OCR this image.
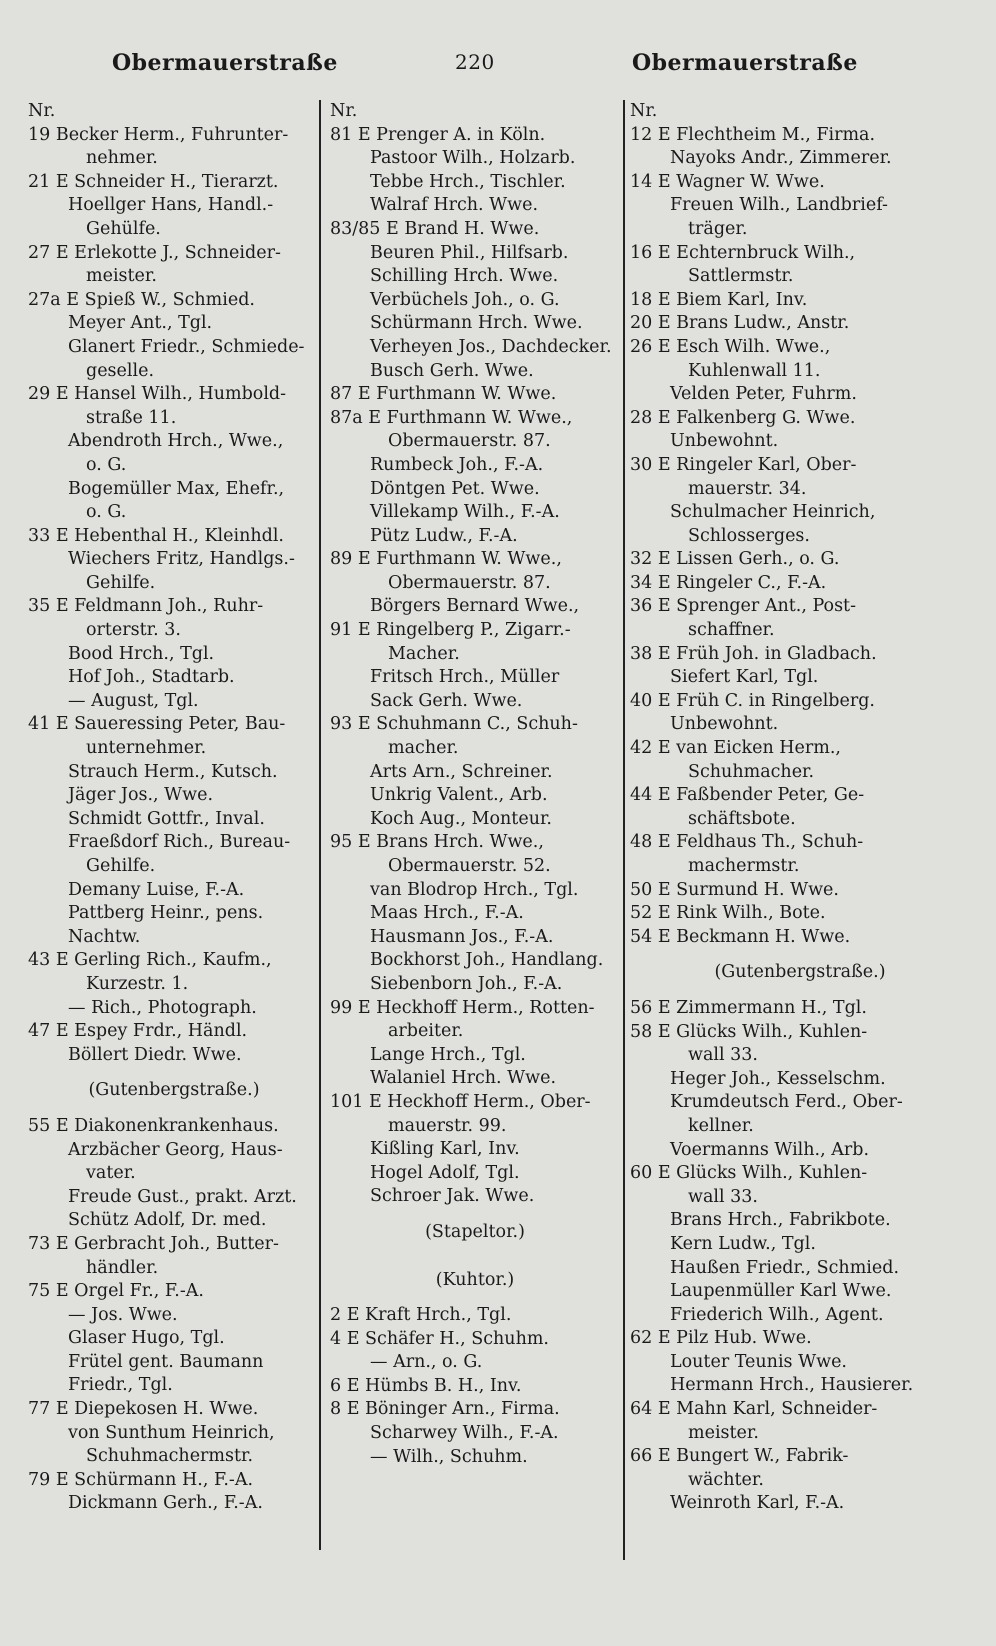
Obermauerstraße	220	Obermauerstraße
Nr.
19 Becker Herm., Fuhrunter-
nehmer.
21 E Schneider H., Tierarzt.
Hoellger Hans, Handl.-
Gehülfe.
27 E Erlekotte J., Schneider-
meister.
27a E Spieß W., Schmied.
Meyer Ant., Tgl.
Glanert Friedr., Schmiede-
geselle.
29 E Hansel Wilh., Humbold-
straße 11.
Abendroth Hrch., Wwe.,
o. G.
Bogemüller Max, Ehefr.,
o. G.
33 E Hebenthal H., Kleinhdl.
Wiechers Fritz, Handlgs.-
Gehilfe.
35 E Feldmann Joh., Ruhr-
orterstr. 3.
Bood Hrch., Tgl.
Hof Joh., Stadtarb.
— August, Tgl.
41 E Saueressing Peter, Bau-
unternehmer.
Strauch Herm., Kutsch.
Jäger Jos., Wwe.
Schmidt Gottfr., Inval.
Fraeßdorf Rich., Bureau-
Gehilfe.
Demany Luise, F.-A.
Pattberg Heinr., pens.
Nachtw.
43 E Gerling Rich., Kaufm.,
Kurzestr. 1.
— Rich., Photograph.
47 E Espey Frdr., Händl.
Böllert Diedr. Wwe.
(Gutenbergstraße.)
55 E Diakonenkrankenhaus.
Arzbächer Georg, Haus-
vater.
Freude Gust., prakt. Arzt.
Schütz Adolf, Dr. med.
73 E Gerbracht Joh., Butter-
händler.
75 E Orgel Fr., F.-A.
— Jos. Wwe.
Glaser Hugo, Tgl.
Frütel gent. Baumann
Friedr., Tgl.
77 E Diepekosen H. Wwe.
von Sunthum Heinrich,
Schuhmachermstr.
79 E Schürmann H., F.-A.
Dickmann Gerh., F.-A.
Nr.
81 E Prenger A. in Köln.
Pastoor Wilh., Holzarb.
Tebbe Hrch., Tischler.
Walraf Hrch. Wwe.
83/85 E Brand H. Wwe.
Beuren Phil., Hilfsarb.
Schilling Hrch. Wwe.
Verbüchels Joh., o. G.
Schürmann Hrch. Wwe.
Verheyen Jos., Dachdecker.
Busch Gerh. Wwe.
87 E Furthmann W. Wwe.
87a E Furthmann W. Wwe.,
Obermauerstr. 87.
Rumbeck Joh., F.-A.
Döntgen Pet. Wwe.
Villekamp Wilh., F.-A.
Pütz Ludw., F.-A.
89 E Furthmann W. Wwe.,
Obermauerstr. 87.
Börgers Bernard Wwe.,
91 E Ringelberg P., Zigarr.-
Macher.
Fritsch Hrch., Müller
Sack Gerh. Wwe.
93 E Schuhmann C., Schuh-
macher.
Arts Arn., Schreiner.
Unkrig Valent., Arb.
Koch Aug., Monteur.
95 E Brans Hrch. Wwe.,
Obermauerstr. 52.
van Blodrop Hrch., Tgl.
Maas Hrch., F.-A.
Hausmann Jos., F.-A.
Bockhorst Joh., Handlang.
Siebenborn Joh., F.-A.
99 E Heckhoff Herm., Rotten-
arbeiter.
Lange Hrch., Tgl.
Walaniel Hrch. Wwe.
101 E Heckhoff Herm., Ober-
mauerstr. 99.
Kißling Karl, Inv.
Hogel Adolf, Tgl.
Schroer Jak. Wwe.
(Stapeltor.)
(Kuhtor.)
2 E Kraft Hrch., Tgl.
4 E Schäfer H., Schuhm.
— Arn., o. G.
6 E Hümbs B. H., Inv.
8 E Böninger Arn., Firma.
Scharwey Wilh., F.-A.
— Wilh., Schuhm.
Nr.
12 E Flechtheim M., Firma.
Nayoks Andr., Zimmerer.
14 E Wagner W. Wwe.
Freuen Wilh., Landbrief-
träger.
16 E Echternbruck Wilh.,
Sattlermstr.
18 E Biem Karl, Inv.
20 E Brans Ludw., Anstr.
26 E Esch Wilh. Wwe.,
Kuhlenwall 11.
Velden Peter, Fuhrm.
28 E Falkenberg G. Wwe.
Unbewohnt.
30 E Ringeler Karl, Ober-
mauerstr. 34.
Schulmacher Heinrich,
Schlosserges.
32 E Lissen Gerh., o. G.
34 E Ringeler C., F.-A.
36 E Sprenger Ant., Post-
schaffner.
38 E Früh Joh. in Gladbach.
Siefert Karl, Tgl.
40 E Früh C. in Ringelberg.
Unbewohnt.
42 E van Eicken Herm.,
Schuhmacher.
44 E Faßbender Peter, Ge-
schäftsbote.
48 E Feldhaus Th., Schuh-
machermstr.
50 E Surmund H. Wwe.
52 E Rink Wilh., Bote.
54 E Beckmann H. Wwe.
(Gutenbergstraße.)
56 E Zimmermann H., Tgl.
58 E Glücks Wilh., Kuhlen-
wall 33.
Heger Joh., Kesselschm.
Krumdeutsch Ferd., Ober-
kellner.
Voermanns Wilh., Arb.
60 E Glücks Wilh., Kuhlen-
wall 33.
Brans Hrch., Fabrikbote.
Kern Ludw., Tgl.
Haußen Friedr., Schmied.
Laupenmüller Karl Wwe.
Friederich Wilh., Agent.
62 E Pilz Hub. Wwe.
Louter Teunis Wwe.
Hermann Hrch., Hausierer.
64 E Mahn Karl, Schneider-
meister.
66 E Bungert W., Fabrik-
wächter.
Weinroth Karl, F.-A.
